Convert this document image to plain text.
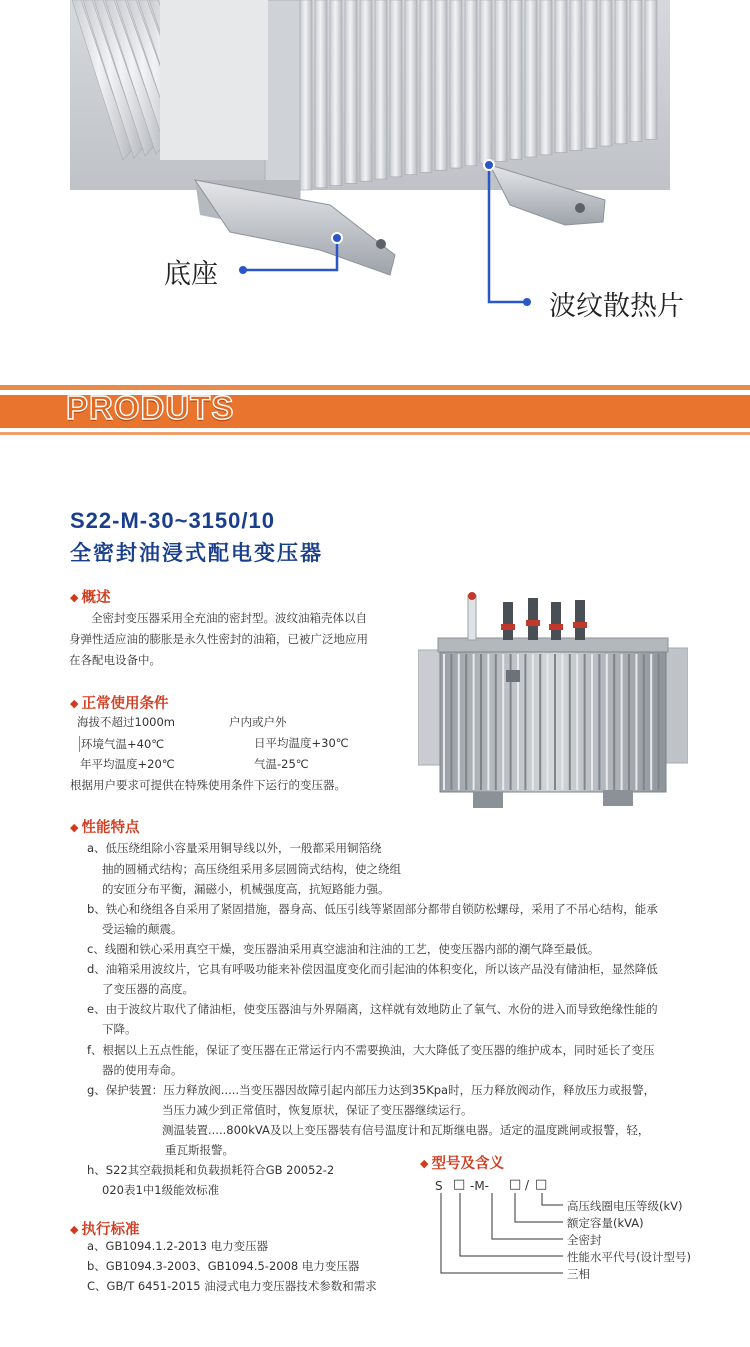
底座
波纹散热片
PRODUTS
S22-M-30~3150/10
全密封油浸式配电变压器
◆ 概述
全密封变压器采用全充油的密封型。波纹油箱壳体以自
身弹性适应油的膨胀是永久性密封的油箱，已被广泛地应用
在各配电设备中。
◆ 正常使用条件
海拔不超过1000m	户内或户外
环境气温+40℃	日平均温度+30℃
年平均温度+20℃	气温-25℃
根据用户要求可提供在特殊使用条件下运行的变压器。
◆ 性能特点
a、低压绕组除小容量采用铜导线以外，一般都采用铜箔绕
抽的圆桶式结构；高压绕组采用多层圆筒式结构，使之绕组
的安匝分布平衡，漏磁小，机械强度高，抗短路能力强。
b、铁心和绕组各自采用了紧固措施，器身高、低压引线等紧固部分都带自锁防松螺母，采用了不吊心结构，能承
受运输的颠震。
c、线圈和铁心采用真空干燥，变压器油采用真空滤油和注油的工艺，使变压器内部的潮气降至最低。
d、油箱采用波纹片，它具有呼吸功能来补偿因温度变化而引起油的体积变化，所以该产品没有储油柜，显然降低
了变压器的高度。
e、由于波纹片取代了储油柜，使变压器油与外界隔离，这样就有效地防止了氧气、水份的进入而导致绝缘性能的
下降。
f、根据以上五点性能，保证了变压器在正常运行内不需要换油，大大降低了变压器的维护成本，同时延长了变压
器的使用寿命。
g、保护装置：压力释放阀.....当变压器因故障引起内部压力达到35Kpa时，压力释放阀动作，释放压力或报警，
当压力减少到正常值时，恢复原状，保证了变压器继续运行。
测温装置.....800kVA及以上变压器装有信号温度计和瓦斯继电器。适定的温度跳闸或报警，轻，
重瓦斯报警。
h、S22其空载损耗和负载损耗符合GB 20052-2
020表1中1级能效标准
◆ 执行标准
a、GB1094.1.2-2013 电力变压器
b、GB1094.3-2003、GB1094.5-2008 电力变压器
C、GB/T 6451-2015 油浸式电力变压器技术参数和需求
◆ 型号及含义
S □ -M- □ / □
高压线圈电压等级(kV)
额定容量(kVA)
全密封
性能水平代号(设计型号)
三相
